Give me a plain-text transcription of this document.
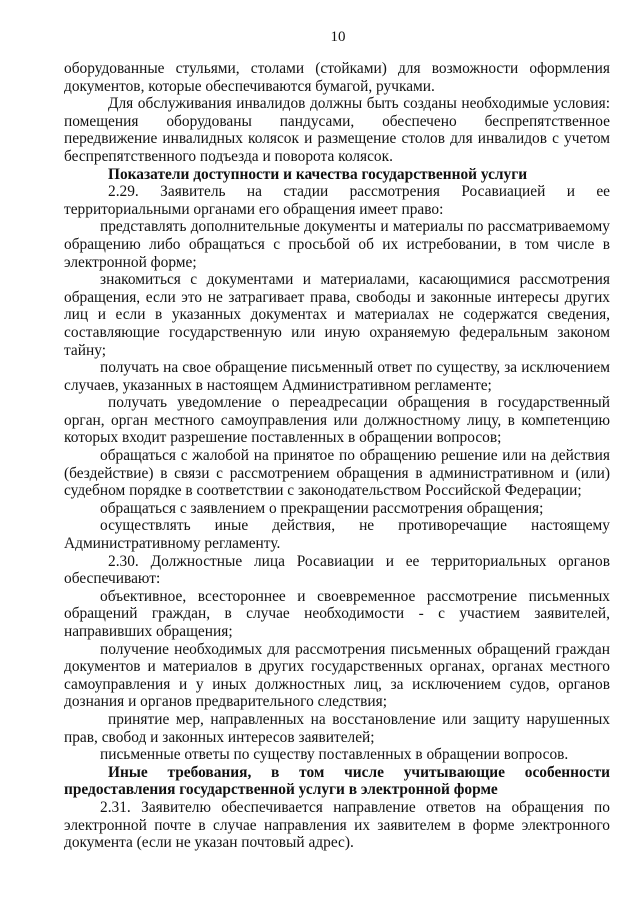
10

оборудованные стульями, столами (стойками) для возможности оформления документов, которые обеспечиваются бумагой, ручками.

Для обслуживания инвалидов должны быть созданы необходимые условия: помещения оборудованы пандусами, обеспечено беспрепятственное передвижение инвалидных колясок и размещение столов для инвалидов с учетом беспрепятственного подъезда и поворота колясок.

Показатели доступности и качества государственной услуги

2.29. Заявитель на стадии рассмотрения Росавиацией и ее территориальными органами его обращения имеет право:

представлять дополнительные документы и материалы по рассматриваемому обращению либо обращаться с просьбой об их истребовании, в том числе в электронной форме;

знакомиться с документами и материалами, касающимися рассмотрения обращения, если это не затрагивает права, свободы и законные интересы других лиц и если в указанных документах и материалах не содержатся сведения, составляющие государственную или иную охраняемую федеральным законом тайну;

получать на свое обращение письменный ответ по существу, за исключением случаев, указанных в настоящем Административном регламенте;

получать уведомление о переадресации обращения в государственный орган, орган местного самоуправления или должностному лицу, в компетенцию которых входит разрешение поставленных в обращении вопросов;

обращаться с жалобой на принятое по обращению решение или на действия (бездействие) в связи с рассмотрением обращения в административном и (или) судебном порядке в соответствии с законодательством Российской Федерации;

обращаться с заявлением о прекращении рассмотрения обращения;

осуществлять иные действия, не противоречащие настоящему Административному регламенту.

2.30. Должностные лица Росавиации и ее территориальных органов обеспечивают:

объективное, всестороннее и своевременное рассмотрение письменных обращений граждан, в случае необходимости - с участием заявителей, направивших обращения;

получение необходимых для рассмотрения письменных обращений граждан документов и материалов в других государственных органах, органах местного самоуправления и у иных должностных лиц, за исключением судов, органов дознания и органов предварительного следствия;

принятие мер, направленных на восстановление или защиту нарушенных прав, свобод и законных интересов заявителей;

письменные ответы по существу поставленных в обращении вопросов.

Иные требования, в том числе учитывающие особенности предоставления государственной услуги в электронной форме

2.31. Заявителю обеспечивается направление ответов на обращения по электронной почте в случае направления их заявителем в форме электронного документа (если не указан почтовый адрес).
